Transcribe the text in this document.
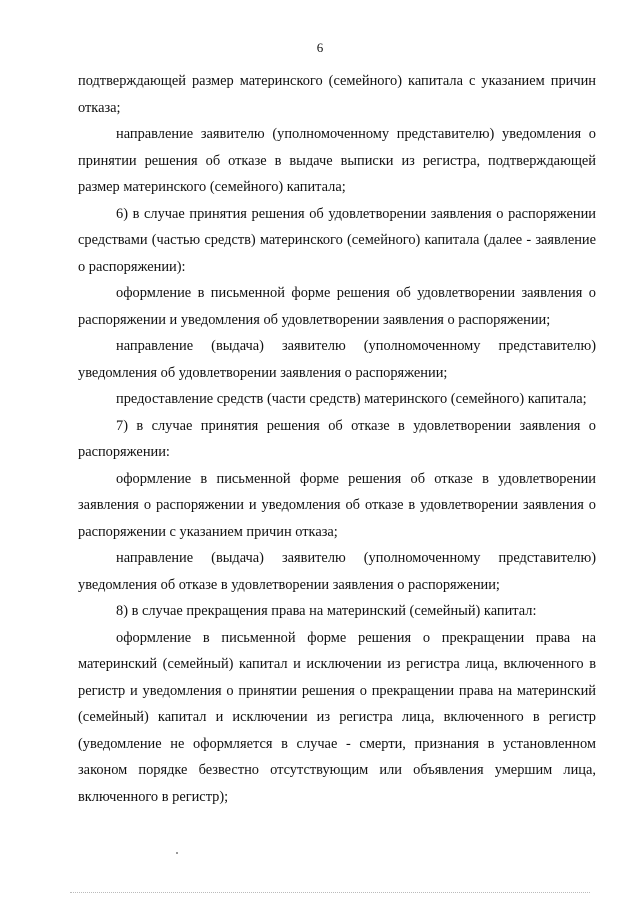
6

подтверждающей размер материнского (семейного) капитала с указанием причин отказа;

направление заявителю (уполномоченному представителю) уведомления о принятии решения об отказе в выдаче выписки из регистра, подтверждающей размер материнского (семейного) капитала;

6) в случае принятия решения об удовлетворении заявления о распоряжении средствами (частью средств) материнского (семейного) капитала (далее - заявление о распоряжении):

оформление в письменной форме решения об удовлетворении заявления о распоряжении и уведомления об удовлетворении заявления о распоряжении;

направление (выдача) заявителю (уполномоченному представителю) уведомления об удовлетворении заявления о распоряжении;

предоставление средств (части средств) материнского (семейного) капитала;

7) в случае принятия решения об отказе в удовлетворении заявления о распоряжении:

оформление в письменной форме решения об отказе в удовлетворении заявления о распоряжении и уведомления об отказе в удовлетворении заявления о распоряжении с указанием причин отказа;

направление (выдача) заявителю (уполномоченному представителю) уведомления об отказе в удовлетворении заявления о распоряжении;

8) в случае прекращения права на материнский (семейный) капитал:

оформление в письменной форме решения о прекращении права на материнский (семейный) капитал и исключении из регистра лица, включенного в регистр и уведомления о принятии решения о прекращении права на материнский (семейный) капитал и исключении из регистра лица, включенного в регистр (уведомление не оформляется в случае - смерти, признания в установленном законом порядке безвестно отсутствующим или объявления умершим лица, включенного в регистр);
